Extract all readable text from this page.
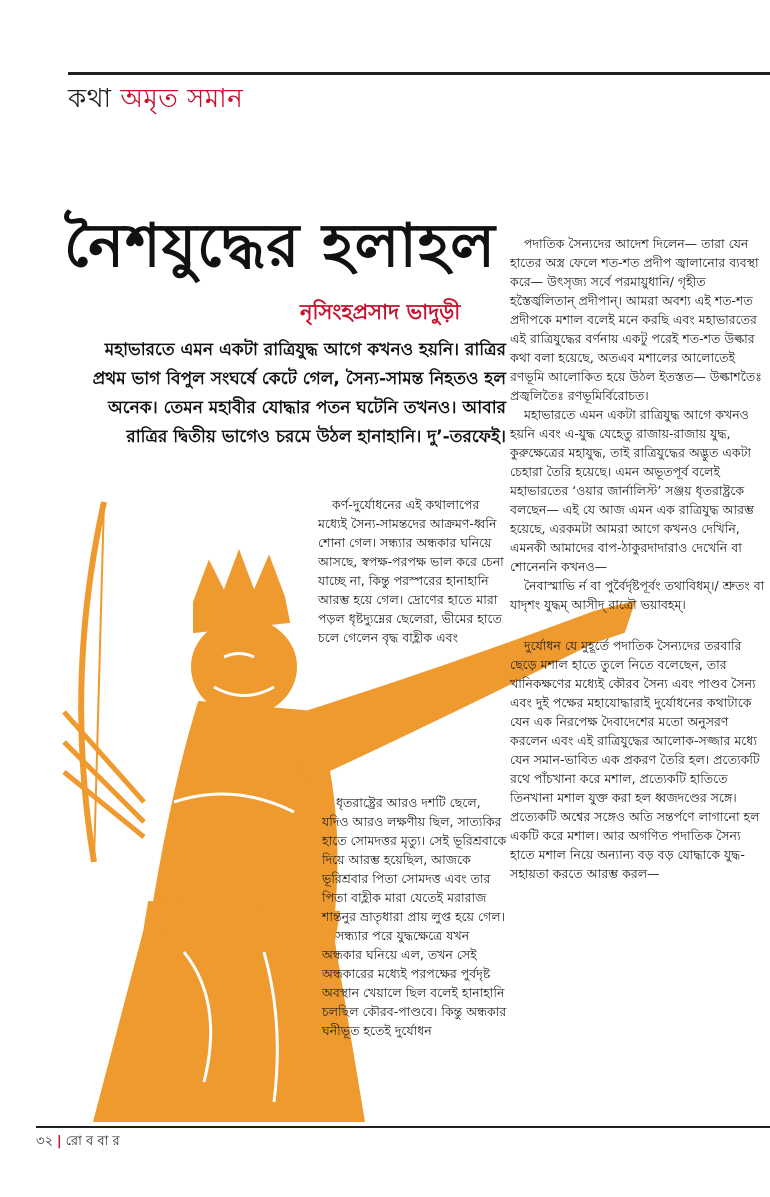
কথা অমৃত সমান
নৈশযুদ্ধের হলাহল
নৃসিংহপ্রসাদ ভাদুড়ী
মহাভারতে এমন একটা রাত্রিযুদ্ধ আগে কখনও হয়নি। রাত্রির প্রথম ভাগ বিপুল সংঘর্ষে কেটে গেল, সৈন্য-সামন্ত নিহতও হল অনেক। তেমন মহাবীর যোদ্ধার পতন ঘটেনি তখনও। আবার রাত্রির দ্বিতীয় ভাগেও চরমে উঠল হানাহানি। দু’-তরফেই।

কর্ণ-দুর্যোধনের এই কথালাপের মধ্যেই সৈন্য-সামন্তদের আক্রমণ-ধ্বনি শোনা গেল। সন্ধ্যার অন্ধকার ঘনিয়ে আসছে, স্বপক্ষ-পরপক্ষ ভাল করে চেনা যাচ্ছে না, কিন্তু পরস্পরের হানাহানি আরম্ভ হয়ে গেল। দ্রোণের হাতে মারা পড়ল ধৃষ্টদ্যুম্নের ছেলেরা, ভীমের হাতে চলে গেলেন বৃদ্ধ বাহ্লীক এবং

ধৃতরাষ্ট্রের আরও দশটি ছেলে, যদিও আরও লক্ষণীয় ছিল, সাত্যকির হাতে সোমদত্তর মৃত্যু। সেই ভূরিশ্রবাকে দিয়ে আরম্ভ হয়েছিল, আজকে ভূরিশ্রবার পিতা সোমদত্ত এবং তার পিতা বাহ্লীক মারা যেতেই মরারাজ শান্তনুর ভ্রাতৃধারা প্রায় লুপ্ত হয়ে গেল।

সন্ধ্যার পরে যুদ্ধক্ষেত্রে যখন অন্ধকার ঘনিয়ে এল, তখন সেই অন্ধকারের মধ্যেই পরপক্ষের পুর্বদৃষ্ট অবস্থান খেয়ালে ছিল বলেই হানাহানি চলছিল কৌরব-পাণ্ডবে। কিন্তু অন্ধকার ঘনীভূত হতেই দুর্যোধন

পদাতিক সৈন্যদের আদেশ দিলেন— তারা যেন হাতের অস্ত্র ফেলে শত-শত প্রদীপ জ্বালানোর ব্যবস্থা করে— উৎসৃজ্য সর্বে পরমায়ুধানি/ গৃহীত হস্তৈর্জ্বলিতান্ প্রদীপান্। আমরা অবশ্য এই শত-শত প্রদীপকে মশাল বলেই মনে করছি এবং মহাভারতের এই রাত্রিযুদ্ধের বর্ণনায় একটু পরেই শত-শত উল্কার কথা বলা হয়েছে, অতএব মশালের আলোতেই রণভূমি আলোকিত হয়ে উঠল ইতস্তত— উল্কাশতৈঃ প্রজ্বলিতৈঃ রণভূমির্বিরোচত।

মহাভারতে এমন একটা রাত্রিযুদ্ধ আগে কখনও হয়নি এবং এ-যুদ্ধ যেহেতু রাজায়-রাজায় যুদ্ধ, কুরুক্ষেত্রের মহাযুদ্ধ, তাই রাত্রিযুদ্ধের অদ্ভুত একটা চেহারা তৈরি হয়েছে। এমন অভূতপূর্ব বলেই মহাভারতের ‘ওয়ার জার্নালিস্ট’ সঞ্জয় ধৃতরাষ্ট্রকে বলছেন— এই যে আজ এমন এক রাত্রিযুদ্ধ আরম্ভ হয়েছে, এরকমটা আমরা আগে কখনও দেখিনি, এমনকী আমাদের বাপ-ঠাকুরদাদারাও দেখেনি বা শোনেননি কখনও—

নৈবাস্মাভি র্ন বা পুর্বৈর্দৃষ্টপূর্বং তথাবিধম্।/ শ্রুতং বা যাদৃশং যুদ্ধম্ আসীদ্ রাত্রৌ ভয়াবহম্।

দুর্যোধন যে মুহূর্তে পদাতিক সৈন্যদের তরবারি ছেড়ে মশাল হাতে তুলে নিতে বলেছেন, তার খানিকক্ষণের মধ্যেই কৌরব সৈন্য এবং পাণ্ডব সৈন্য এবং দুই পক্ষের মহাযোদ্ধারাই দুর্যোধনের কথাটাকে যেন এক নিরপেক্ষ দৈবাদেশের মতো অনুসরণ করলেন এবং এই রাত্রিযুদ্ধের আলোক-সজ্জার মধ্যে যেন সমান-ভাবিত এক প্রকরণ তৈরি হল। প্রত্যেকটি রথে পাঁচখানা করে মশাল, প্রত্যেকটি হাতিতে তিনখানা মশাল যুক্ত করা হল ধ্বজদণ্ডের সঙ্গে। প্রত্যেকটি অশ্বের সঙ্গেও অতি সন্তর্পণে লাগানো হল একটি করে মশাল। আর অগণিত পদাতিক সৈন্য হাতে মশাল নিয়ে অন্যান্য বড় বড় যোদ্ধাকে যুদ্ধ-সহায়তা করতে আরম্ভ করল—

৩২ | রো ব বা র
